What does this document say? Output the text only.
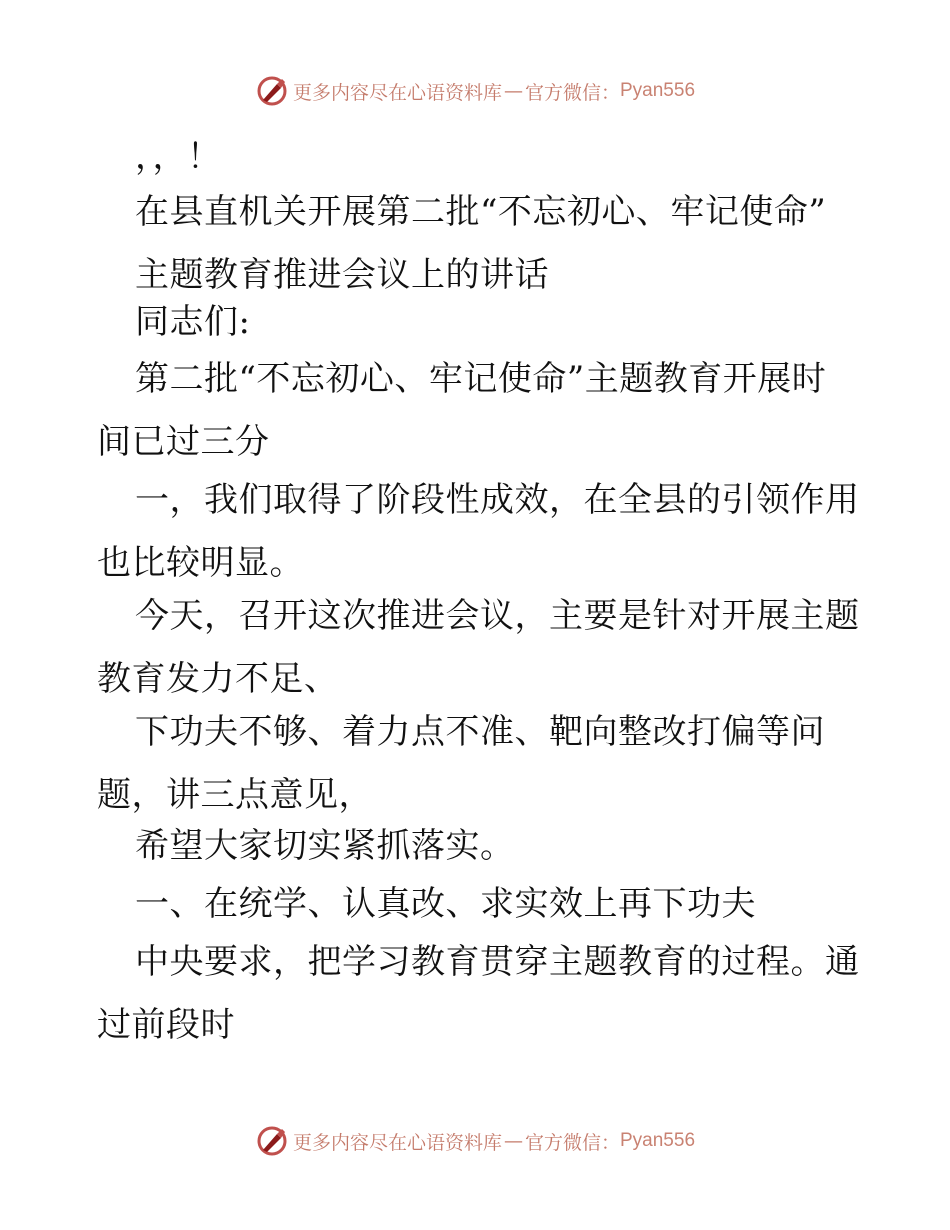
更多内容尽在心语资料库 — 官方微信： Pyan556
，，！
在县直机关开展第二批“不忘初心、牢记使命”
主题教育推进会议上的讲话
同志们:
第二批“不忘初心、牢记使命”主题教育开展时
间已过三分
一，我们取得了阶段性成效，在全县的引领作用
也比较明显。
今天，召开这次推进会议，主要是针对开展主题
教育发力不足、
下功夫不够、着力点不准、靶向整改打偏等问
题，讲三点意见，
希望大家切实紧抓落实。
一、在统学、认真改、求实效上再下功夫
中央要求，把学习教育贯穿主题教育的过程。通
过前段时
更多内容尽在心语资料库 — 官方微信： Pyan556
